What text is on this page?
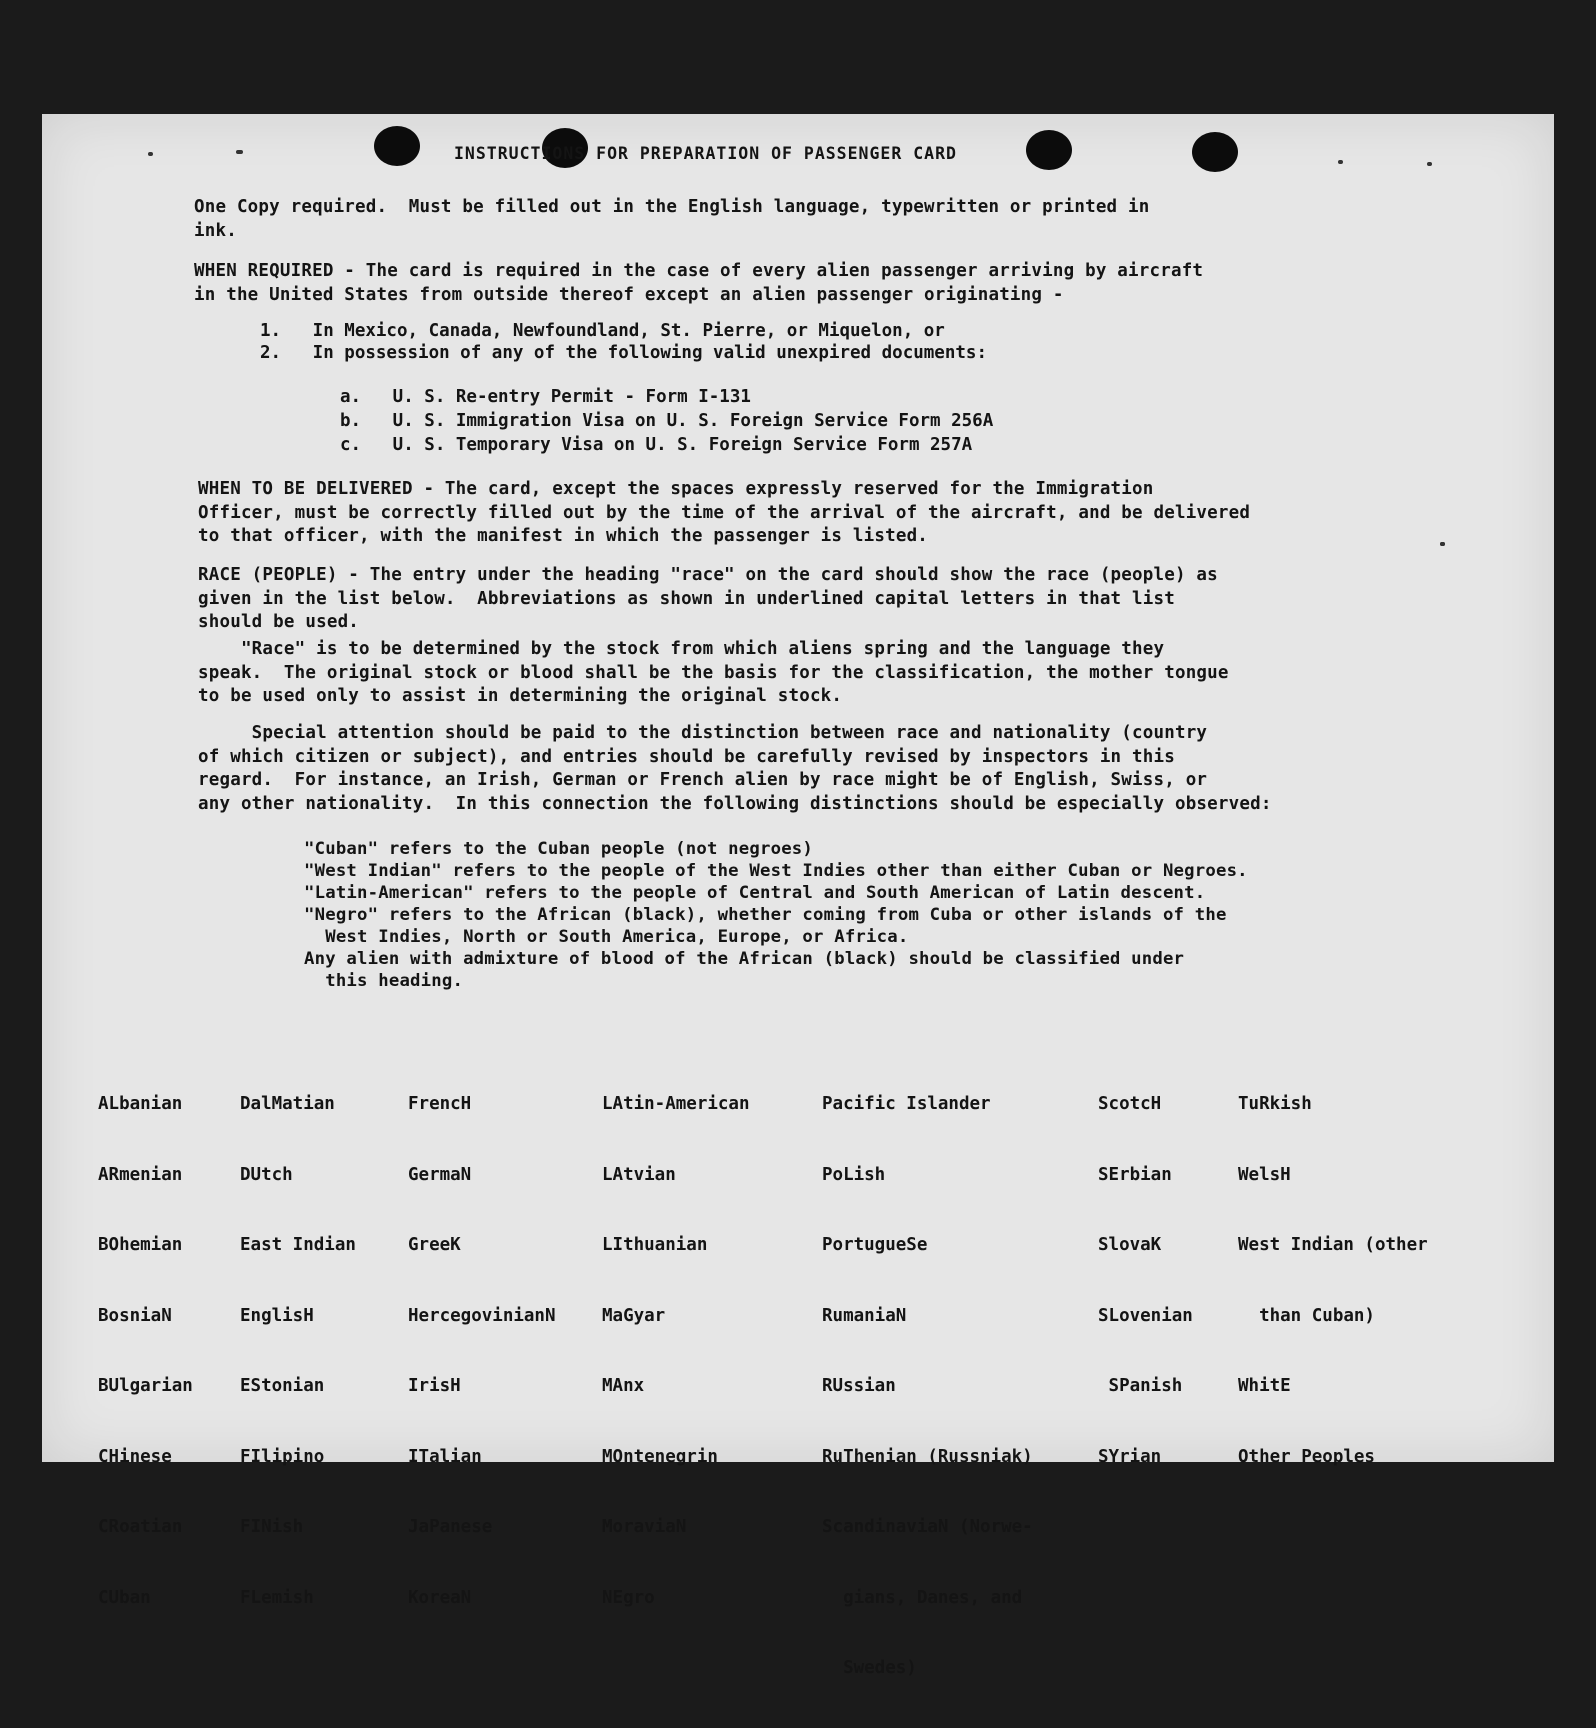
INSTRUCTIONS FOR PREPARATION OF PASSENGER CARD
One Copy required.  Must be filled out in the English language, typewritten or printed in
ink.
WHEN REQUIRED - The card is required in the case of every alien passenger arriving by aircraft
in the United States from outside thereof except an alien passenger originating -
1.   In Mexico, Canada, Newfoundland, St. Pierre, or Miquelon, or
2.   In possession of any of the following valid unexpired documents:
a.   U. S. Re-entry Permit - Form I-131
b.   U. S. Immigration Visa on U. S. Foreign Service Form 256A
c.   U. S. Temporary Visa on U. S. Foreign Service Form 257A
WHEN TO BE DELIVERED - The card, except the spaces expressly reserved for the Immigration
Officer, must be correctly filled out by the time of the arrival of the aircraft, and be delivered
to that officer, with the manifest in which the passenger is listed.
RACE (PEOPLE) - The entry under the heading "race" on the card should show the race (people) as
given in the list below.  Abbreviations as shown in underlined capital letters in that list
should be used.
"Race" is to be determined by the stock from which aliens spring and the language they
speak.  The original stock or blood shall be the basis for the classification, the mother tongue
to be used only to assist in determining the original stock.
Special attention should be paid to the distinction between race and nationality (country
of which citizen or subject), and entries should be carefully revised by inspectors in this
regard.  For instance, an Irish, German or French alien by race might be of English, Swiss, or
any other nationality.  In this connection the following distinctions should be especially observed:
"Cuban" refers to the Cuban people (not negroes)
"West Indian" refers to the people of the West Indies other than either Cuban or Negroes.
"Latin-American" refers to the people of Central and South American of Latin descent.
"Negro" refers to the African (black), whether coming from Cuba or other islands of the
West Indies, North or South America, Europe, or Africa.
Any alien with admixture of blood of the African (black) should be classified under
this heading.

ALbanian

ARmenian

BOhemian

BosniaN

BUlgarian

CHinese

CRoatian

CUban

DalMatian

DUtch

East Indian

EnglisH

EStonian

FIlipino

FINish

FLemish

FrencH

GermaN

GreeK

HercegovinianN

IrisH

ITalian

JaPanese

KoreaN

LAtin-American

LAtvian

LIthuanian

MaGyar

MAnx

MOntenegrin

MoraviaN

NEgro

Pacific Islander

PoLish

PortugueSe

RumaniaN

RUssian

RuThenian (Russniak)

ScandinaviaN (Norwe-

gians, Danes, and

Swedes)

ScotcH

SErbian

SlovaK

SLovenian

SPanish

SYrian

TuRkish

WelsH

West Indian (other

than Cuban)

WhitE

Other Peoples
